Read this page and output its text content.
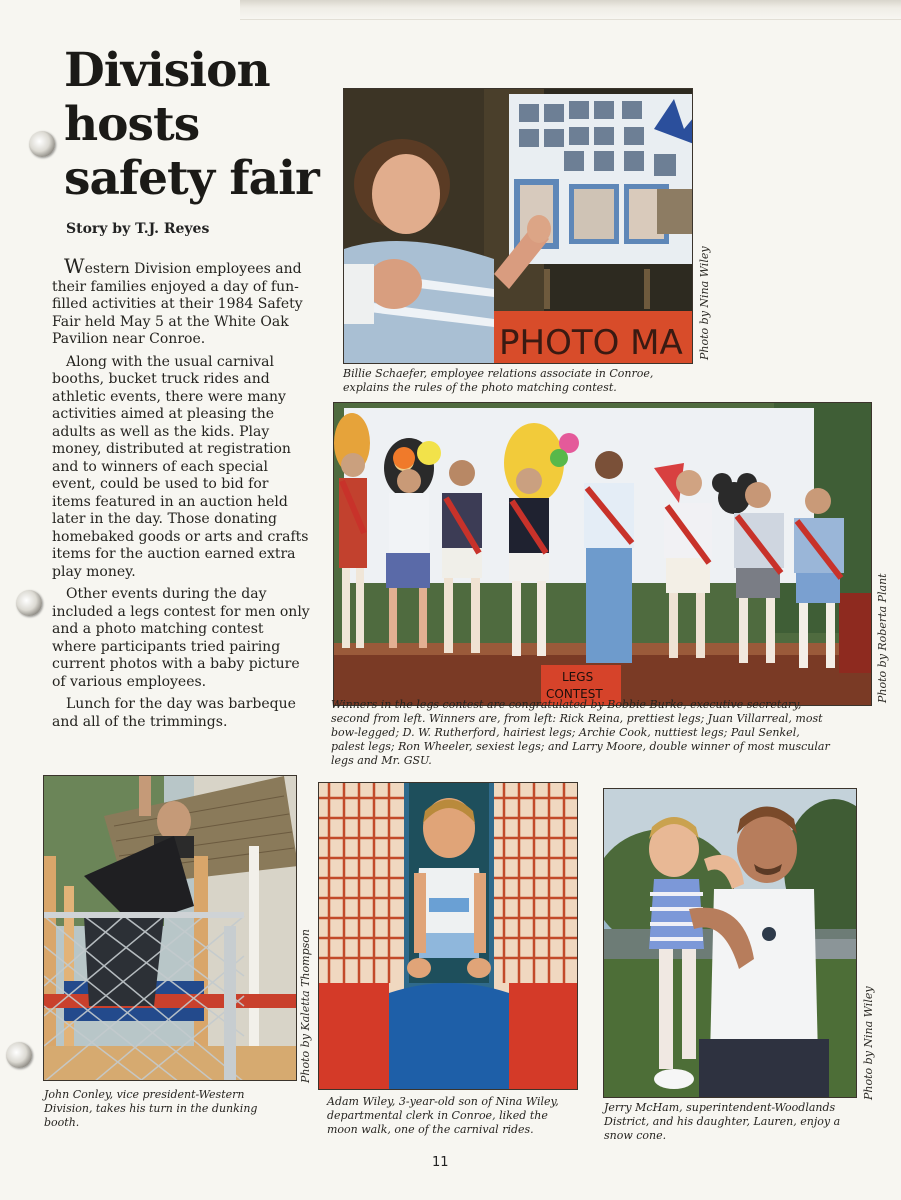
Division
hosts
safety fair
Story by T.J. Reyes

Western Division employees and their families enjoyed a day of fun-filled activities at their 1984 Safety Fair held May 5 at the White Oak Pavilion near Conroe.

Along with the usual carnival booths, bucket truck rides and athletic events, there were many activities aimed at pleasing the adults as well as the kids. Play money, distributed at registration and to winners of each special event, could be used to bid for items featured in an auction held later in the day. Those donating homebaked goods or arts and crafts items for the auction earned extra play money.

Other events during the day included a legs contest for men only and a photo matching contest where participants tried pairing current photos with a baby picture of various employees.

Lunch for the day was barbeque and all of the trimmings.

PHOTO MA
Billie Schaefer, employee relations associate in Conroe, explains the rules of the photo matching contest.
Photo by Nina Wiley
LEGS
CONTEST
Winners in the legs contest are congratulated by Bobbie Burke, executive secretary, second from left. Winners are, from left: Rick Reina, prettiest legs; Juan Villarreal, most bow-legged; D. W. Rutherford, hairiest legs; Archie Cook, nuttiest legs; Paul Senkel, palest legs; Ron Wheeler, sexiest legs; and Larry Moore, double winner of most muscular legs and Mr. GSU.
Photo by Roberta Plant
John Conley, vice president-Western Division, takes his turn in the dunking booth.
Photo by Kaletta Thompson
Adam Wiley, 3-year-old son of Nina Wiley, departmental clerk in Conroe, liked the moon walk, one of the carnival rides.
Jerry McHam, superintendent-Woodlands District, and his daughter, Lauren, enjoy a snow cone.
Photo by Nina Wiley
11
